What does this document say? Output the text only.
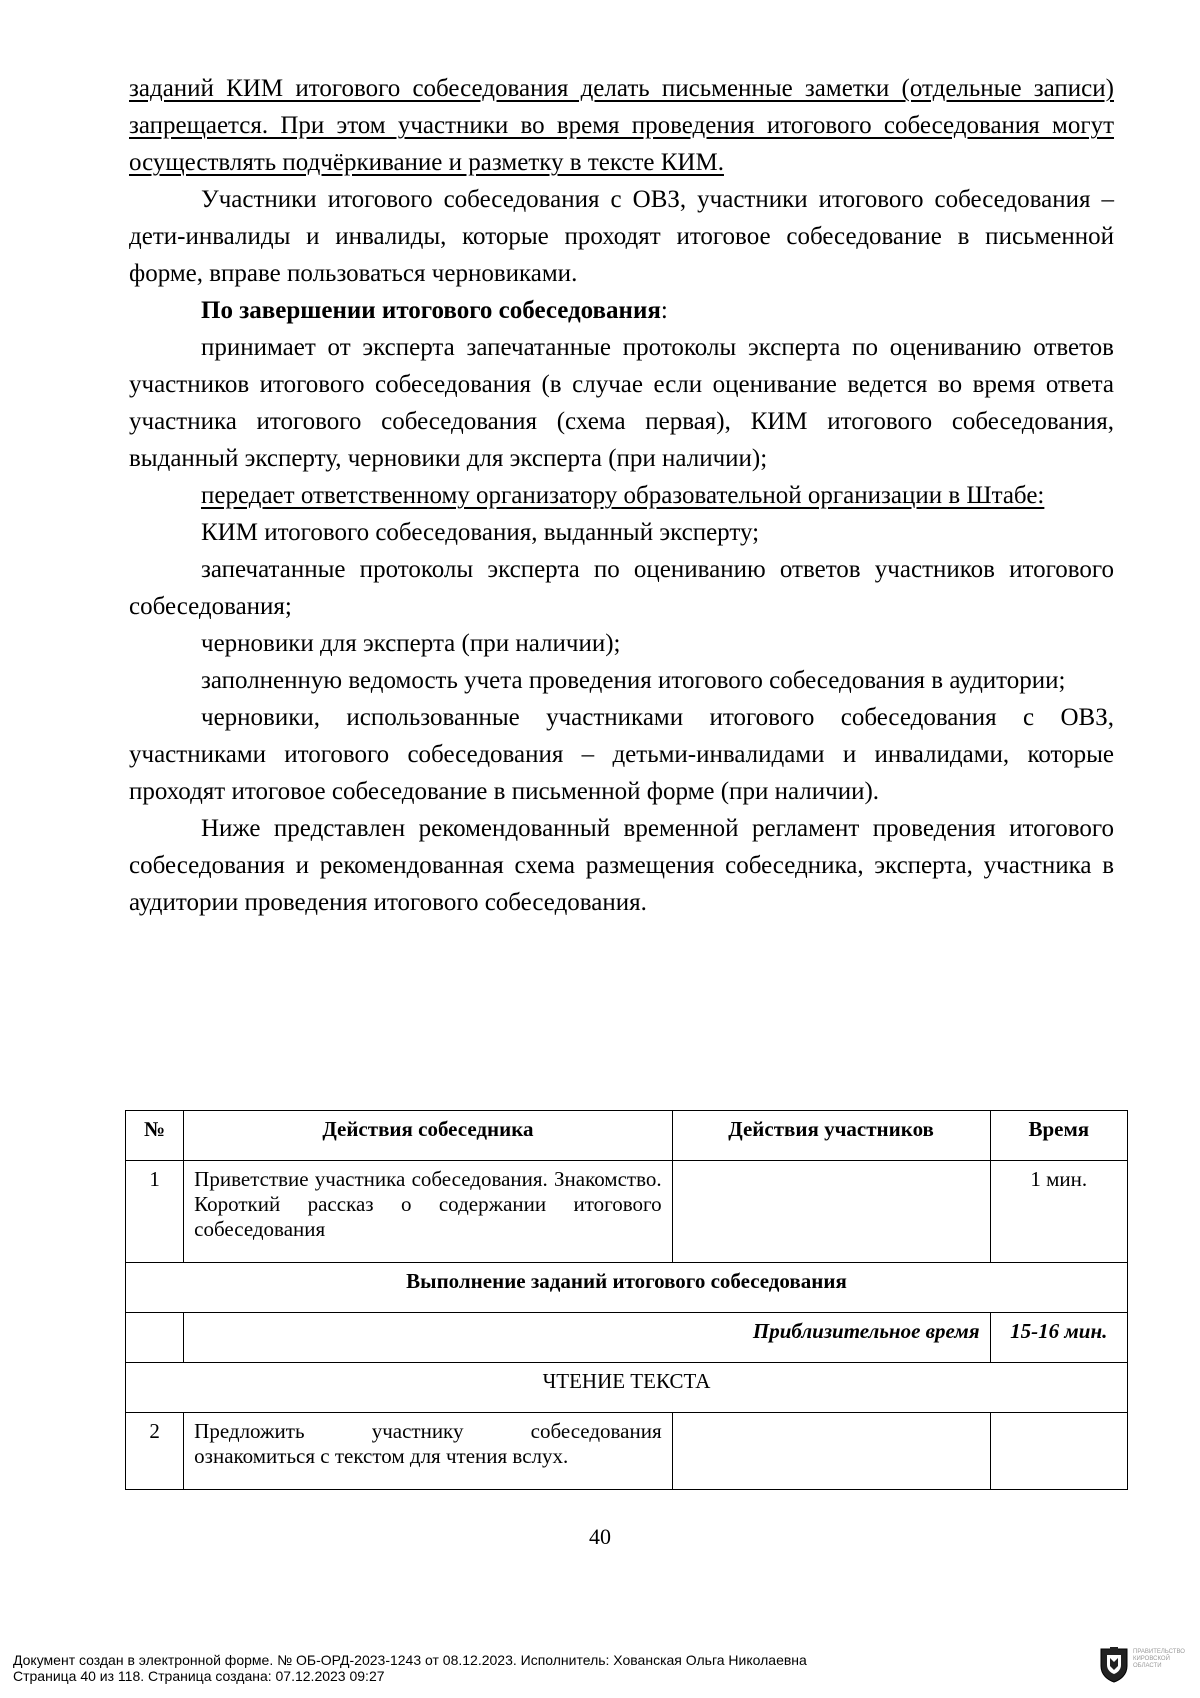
заданий КИМ итогового собеседования делать письменные заметки (отдельные записи) запрещается. При этом участники во время проведения итогового собеседования могут осуществлять подчёркивание и разметку в тексте КИМ.

Участники итогового собеседования с ОВЗ, участники итогового собеседования – дети-инвалиды и инвалиды, которые проходят итоговое собеседование в письменной форме, вправе пользоваться черновиками.

По завершении итогового собеседования:

принимает от эксперта запечатанные протоколы эксперта по оцениванию ответов участников итогового собеседования (в случае если оценивание ведется во время ответа участника итогового собеседования (схема первая), КИМ итогового собеседования, выданный эксперту, черновики для эксперта (при наличии);

передает ответственному организатору образовательной организации в Штабе:

КИМ итогового собеседования, выданный эксперту;

запечатанные протоколы эксперта по оцениванию ответов участников итогового собеседования;

черновики для эксперта (при наличии);

заполненную ведомость учета проведения итогового собеседования в аудитории;

черновики, использованные участниками итогового собеседования с ОВЗ, участниками итогового собеседования – детьми-инвалидами и инвалидами, которые проходят итоговое собеседование в письменной форме (при наличии).

Ниже представлен рекомендованный временной регламент проведения итогового собеседования и рекомендованная схема размещения собеседника, эксперта, участника в аудитории проведения итогового собеседования.

№	Действия собеседника	Действия участников	Время
1	Приветствие участника собеседования. Знакомство. Короткий рассказ о содержании итогового собеседования		1 мин.
Выполнение заданий итогового собеседования			
	Приблизительное время		15-16 мин.
ЧТЕНИЕ ТЕКСТА			
2	Предложить участнику собеседования ознакомиться с текстом для чтения вслух.		
40
Документ создан в электронной форме. № ОБ-ОРД-2023-1243 от 08.12.2023. Исполнитель: Хованская Ольга Николаевна
Страница 40 из 118. Страница создана: 07.12.2023 09:27
ПРАВИТЕЛЬСТВО
КИРОВСКОЙ
ОБЛАСТИ
